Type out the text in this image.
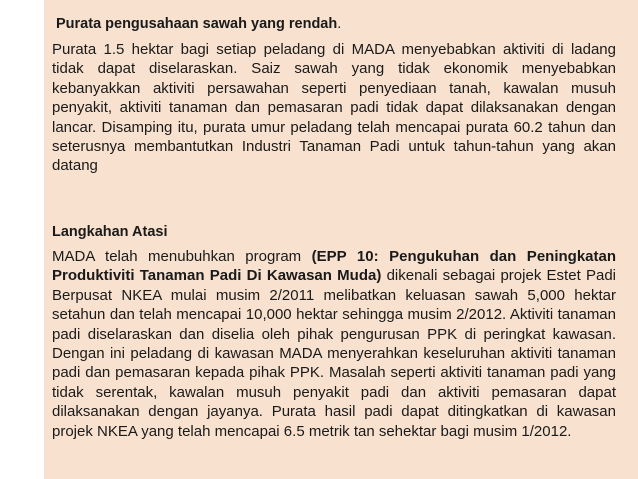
Purata pengusahaan sawah yang rendah.

Purata 1.5 hektar bagi setiap peladang di MADA menyebabkan aktiviti di ladang tidak dapat diselaraskan. Saiz sawah yang tidak ekonomik menyebabkan kebanyakkan aktiviti persawahan seperti penyediaan tanah, kawalan musuh penyakit, aktiviti tanaman dan pemasaran padi tidak dapat dilaksanakan dengan lancar. Disamping itu, purata umur peladang telah mencapai purata 60.2 tahun dan seterusnya membantutkan Industri Tanaman Padi untuk tahun-tahun yang akan datang

Langkahan Atasi

MADA telah menubuhkan program (EPP 10: Pengukuhan dan Peningkatan Produktiviti Tanaman Padi Di Kawasan Muda) dikenali sebagai projek Estet Padi Berpusat NKEA mulai musim 2/2011 melibatkan keluasan sawah 5,000 hektar setahun dan telah mencapai 10,000 hektar sehingga musim 2/2012. Aktiviti tanaman padi diselaraskan dan diselia oleh pihak pengurusan PPK di peringkat kawasan. Dengan ini peladang di kawasan MADA menyerahkan keseluruhan aktiviti tanaman padi dan pemasaran kepada pihak PPK. Masalah seperti aktiviti tanaman padi yang tidak serentak, kawalan musuh penyakit padi dan aktiviti pemasaran dapat dilaksanakan dengan jayanya. Purata hasil padi dapat ditingkatkan di kawasan projek NKEA yang telah mencapai 6.5 metrik tan sehektar bagi musim 1/2012.
